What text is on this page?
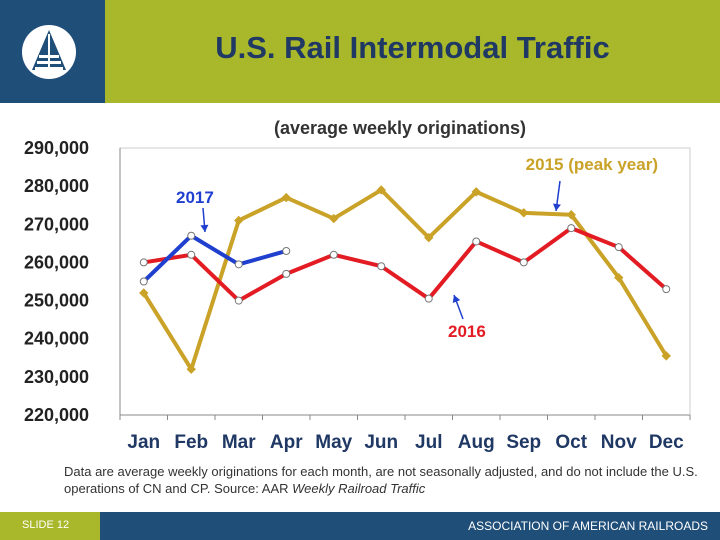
U.S. Rail Intermodal Traffic
(average weekly originations)
290,000
280,000
270,000
260,000
250,000
240,000
230,000
220,000
Jan Feb Mar Apr May Jun Jul Aug Sep Oct Nov Dec
2015 (peak year)
2016
2017
Data are average weekly originations for each month, are not seasonally adjusted, and do not include the U.S. operations of CN and CP. Source: AAR Weekly Railroad Traffic
SLIDE 12	ASSOCIATION OF AMERICAN RAILROADS
